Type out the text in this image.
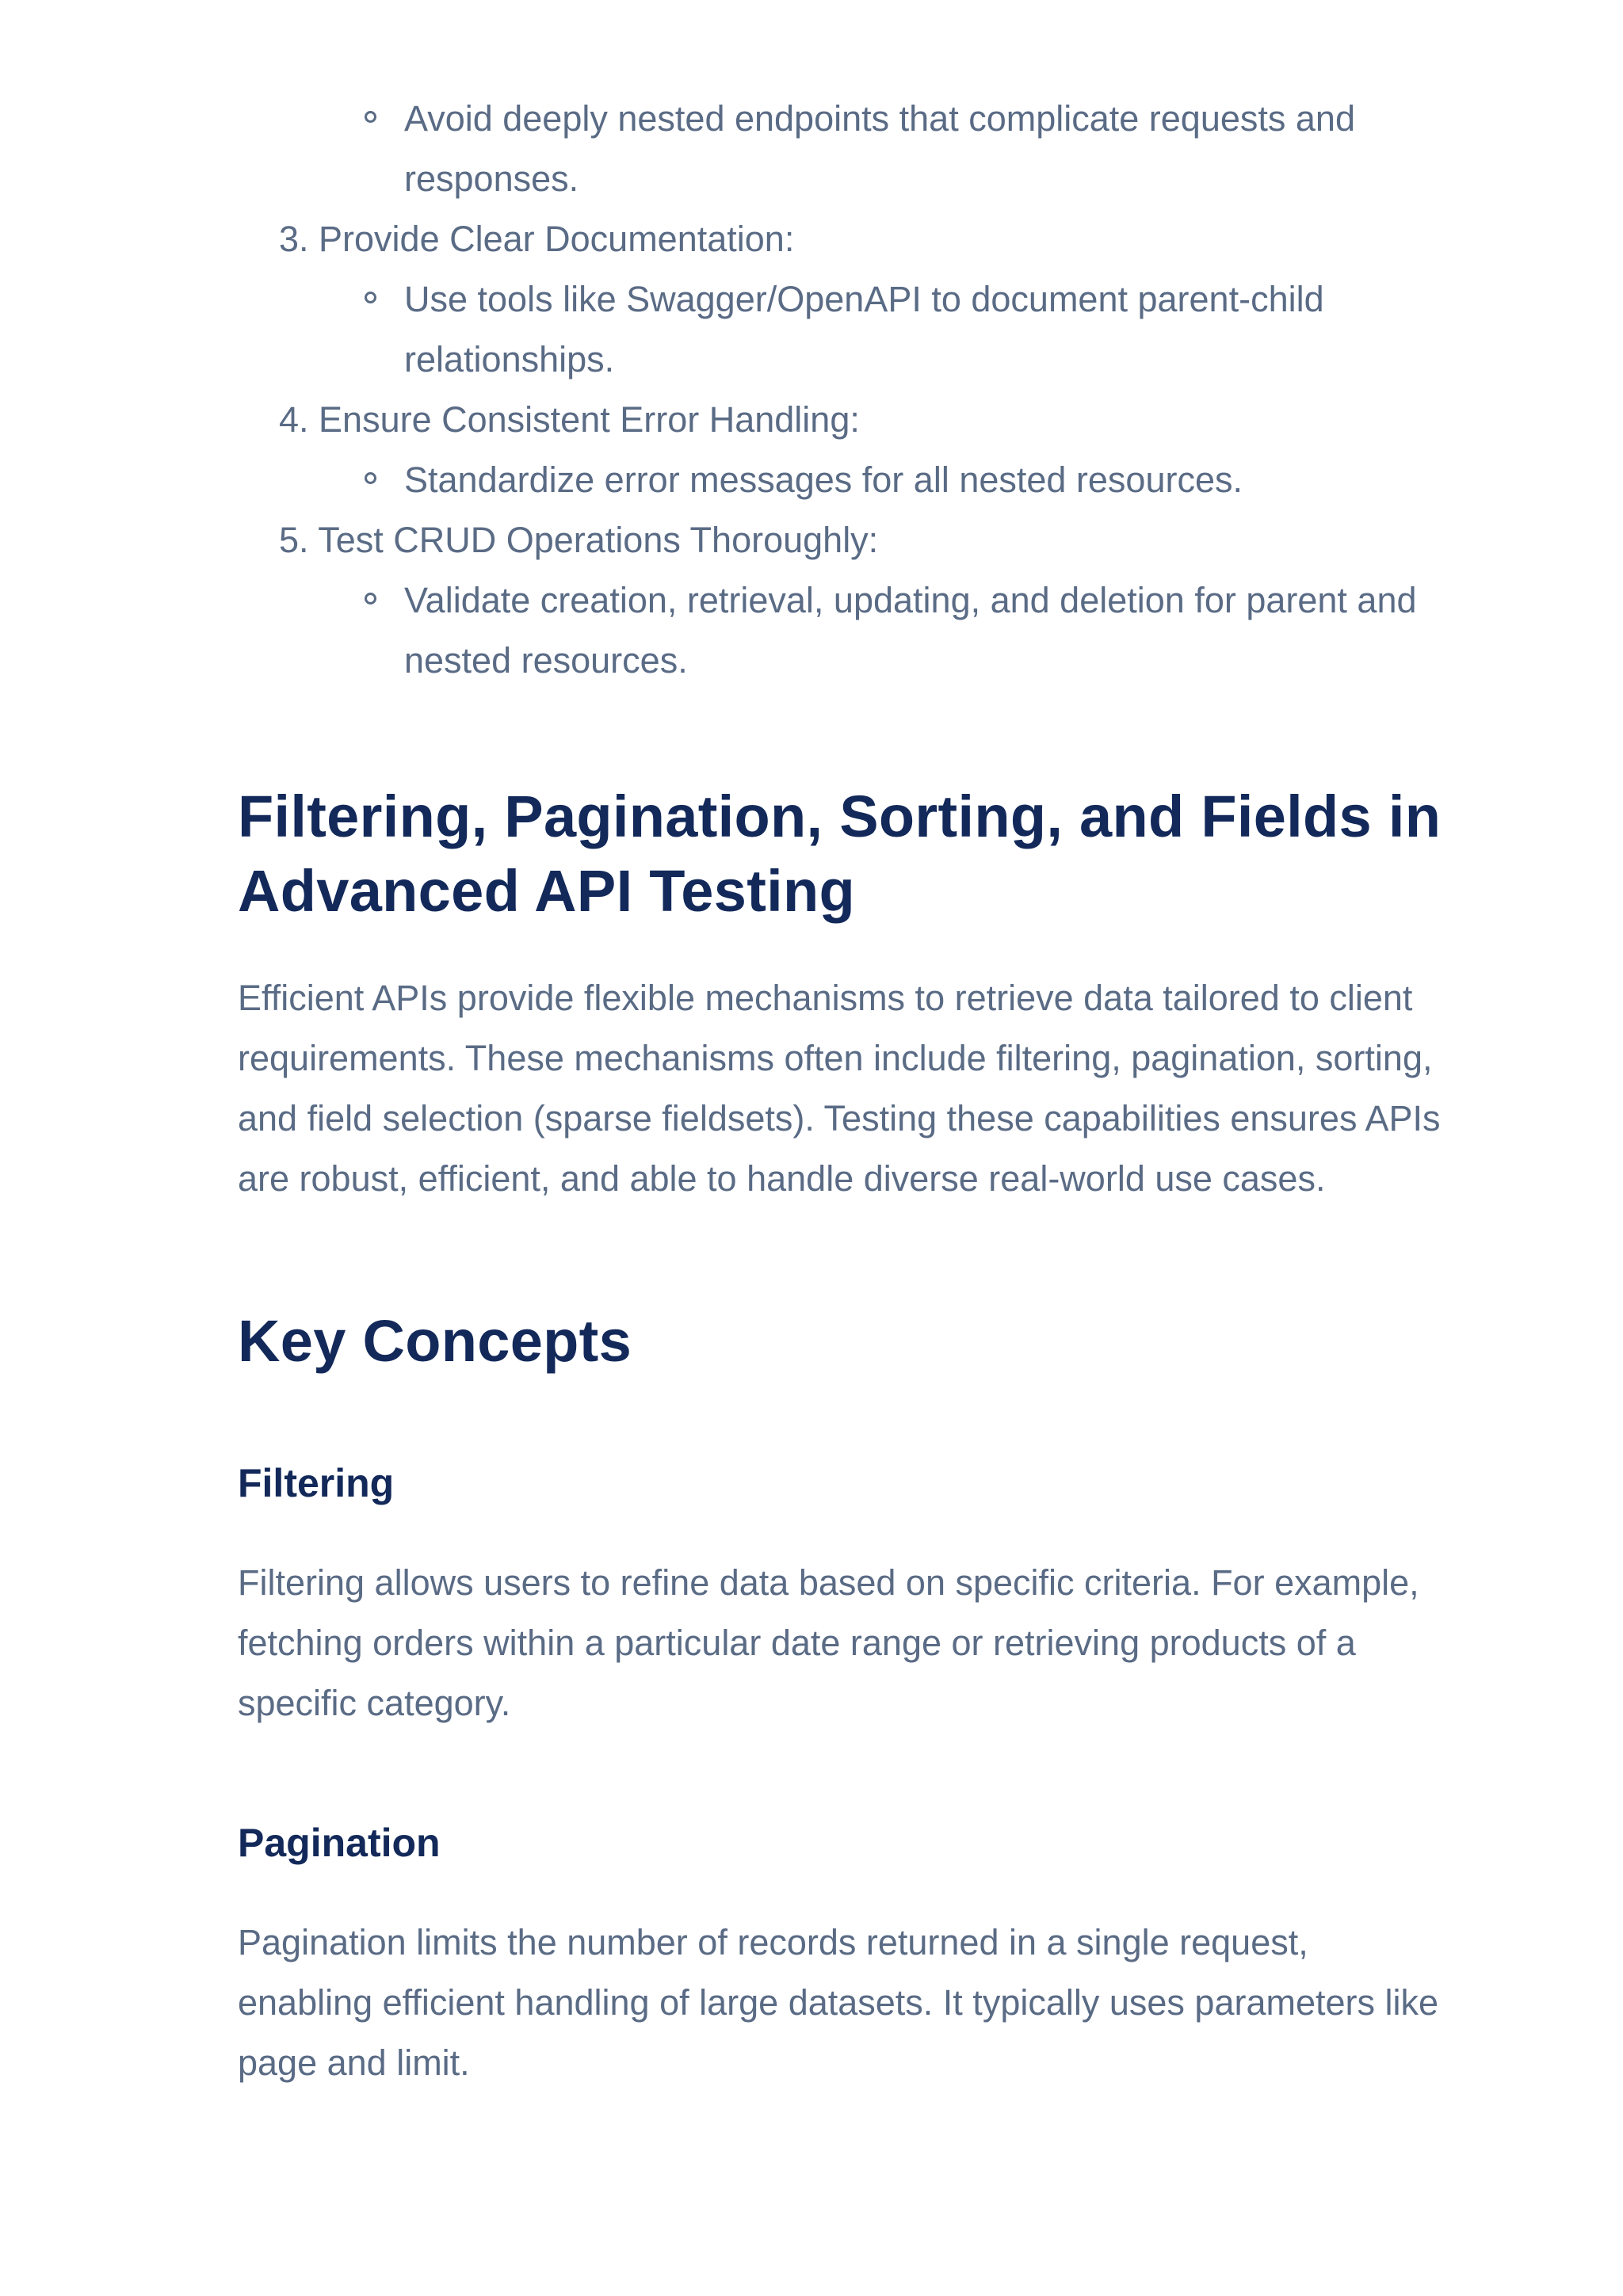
Avoid deeply nested endpoints that complicate requests and responses.
3. Provide Clear Documentation:
Use tools like Swagger/OpenAPI to document parent-child relationships.
4. Ensure Consistent Error Handling:
Standardize error messages for all nested resources.
5. Test CRUD Operations Thoroughly:
Validate creation, retrieval, updating, and deletion for parent and nested resources.
Filtering, Pagination, Sorting, and Fields in Advanced API Testing

Efficient APIs provide flexible mechanisms to retrieve data tailored to client requirements. These mechanisms often include filtering, pagination, sorting, and field selection (sparse fieldsets). Testing these capabilities ensures APIs are robust, efficient, and able to handle diverse real-world use cases.

Key Concepts
Filtering

Filtering allows users to refine data based on specific criteria. For example, fetching orders within a particular date range or retrieving products of a specific category.

Pagination

Pagination limits the number of records returned in a single request, enabling efficient handling of large datasets. It typically uses parameters like page and limit.
